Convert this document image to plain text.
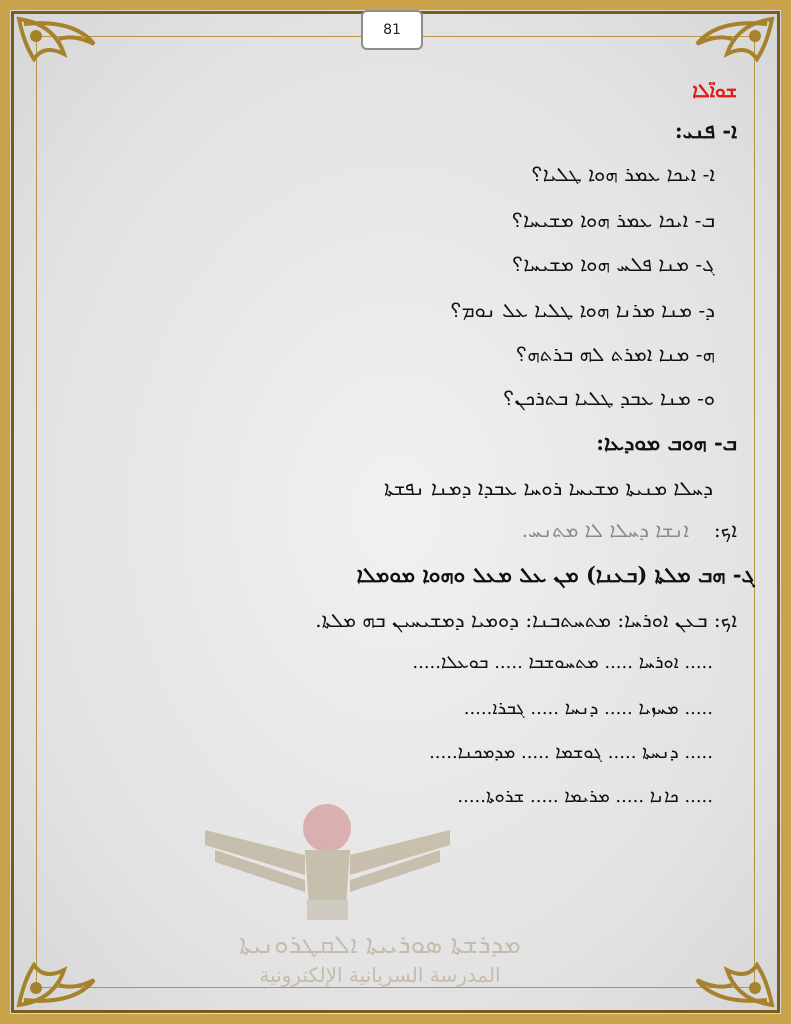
81
ܫܘܐ̈ܠܐ
ܐ- ܦܢܝ:
ܐ- ܐܝܟܐ ܥܡܪ ܗܘܐ ܛܠܝܐ؟
ܒ- ܐܝܟܐ ܥܡܪ ܗܘܐ ܡܫܝܚܐ؟
ܓ- ܡܢܐ ܦܠܚ ܗܘܐ ܡܫܝܚܐ؟
ܕ- ܡܢܐ ܡܪܢܐ ܗܘܐ ܛܠܝܐ ܥܠ ܢܘܡ؟
ܗ- ܡܢܐ ܐܡܪܬ ܠܗ ܒܪܬܗ؟
ܘ- ܡܢܐ ܥܒܕ ܛܠܝܐ ܒܬܪܟܢ؟
ܒ- ܗܘܒ ܡܘܕܥܐ:
ܕܚܠܐ ܡܢܝܬܐ ܡܫܝܚܐ ܪܘܚܐ ܥܒܕܐ ܕܡܢܐ ܢܦܫܬܐ
ܐܟ:
ܐܢܫܐ ܕܚܠܐ ܠܐ ܡܬܢܚ.
ܓ- ܗܒ ܡܠܬܐ (ܒܥܢܐ) ܡܢ ܥܠ ܡܥܠ ܘܗܘܐ ܡܘܡܠܐ
ܐܟ: ܒܥܢ ܐܘܪܚܐ: ܡܬܚܬܒܢܐ: ܕܘܡܝܐ ܕܡܫܝܚܝܢ ܒܗ ܡܠܬܐ.
..... ܐܘܪܚܐ ..... ܡܬܚܘܫܒܐ ..... ܒܘܥܠܐ.....
..... ܡܚܙܝܐ ..... ܕܢܚܐ ..... ܓܒܪܐ.....
..... ܕܢܚܬܐ ..... ܓܘܫܡܐ ..... ܡܕܡܟܢܐ.....
..... ܟܐܢܐ ..... ܡܪܝܡܐ ..... ܫܪܘܬܐ.....
ܡܕܪܫܬܐ ܣܘܪܝܝܬܐ ܐܠܩܛܪܘܢܝܬܐ
المدرسة السريانية الإلكترونية
